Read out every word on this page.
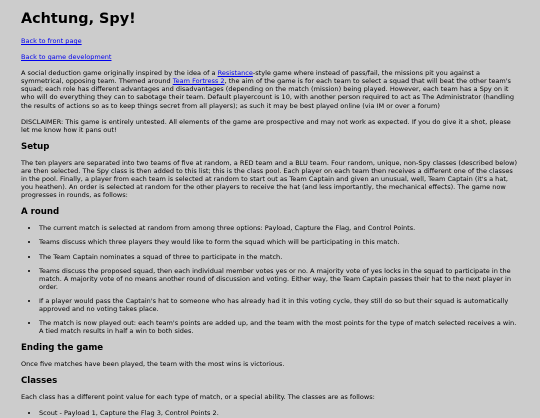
Achtung, Spy!

Back to front page

Back to game development

A social deduction game originally inspired by the idea of a Resistance-style game where instead of pass/fail, the missions pit you against a symmetrical, opposing team. Themed around Team Fortress 2, the aim of the game is for each team to select a squad that will beat the other team's squad; each role has different advantages and disadvantages (depending on the match (mission) being played. However, each team has a Spy on it who will do everything they can to sabotage their team. Default playercount is 10, with another person required to act as The Administrator (handling the results of actions so as to keep things secret from all players); as such it may be best played online (via IM or over a forum)

DISCLAIMER: This game is entirely untested. All elements of the game are prospective and may not work as expected. If you do give it a shot, please let me know how it pans out!

Setup

The ten players are separated into two teams of five at random, a RED team and a BLU team. Four random, unique, non-Spy classes (described below) are then selected. The Spy class is then added to this list; this is the class pool. Each player on each team then receives a different one of the classes in the pool. Finally, a player from each team is selected at random to start out as Team Captain and given an unusual, well, Team Captain (it's a hat, you heathen). An order is selected at random for the other players to receive the hat (and less importantly, the mechanical effects). The game now progresses in rounds, as follows:

A round
• The current match is selected at random from among three options: Payload, Capture the Flag, and Control Points.
• Teams discuss which three players they would like to form the squad which will be participating in this match.
• The Team Captain nominates a squad of three to participate in the match.
• Teams discuss the proposed squad, then each individual member votes yes or no. A majority vote of yes locks in the squad to participate in the match. A majority vote of no means another round of discussion and voting. Either way, the Team Captain passes their hat to the next player in order.
• If a player would pass the Captain's hat to someone who has already had it in this voting cycle, they still do so but their squad is automatically approved and no voting takes place.
• The match is now played out: each team's points are added up, and the team with the most points for the type of match selected receives a win. A tied match results in half a win to both sides.
Ending the game

Once five matches have been played, the team with the most wins is victorious.

Classes

Each class has a different point value for each type of match, or a special ability. The classes are as follows:

• Scout - Payload 1, Capture the Flag 3, Control Points 2.
